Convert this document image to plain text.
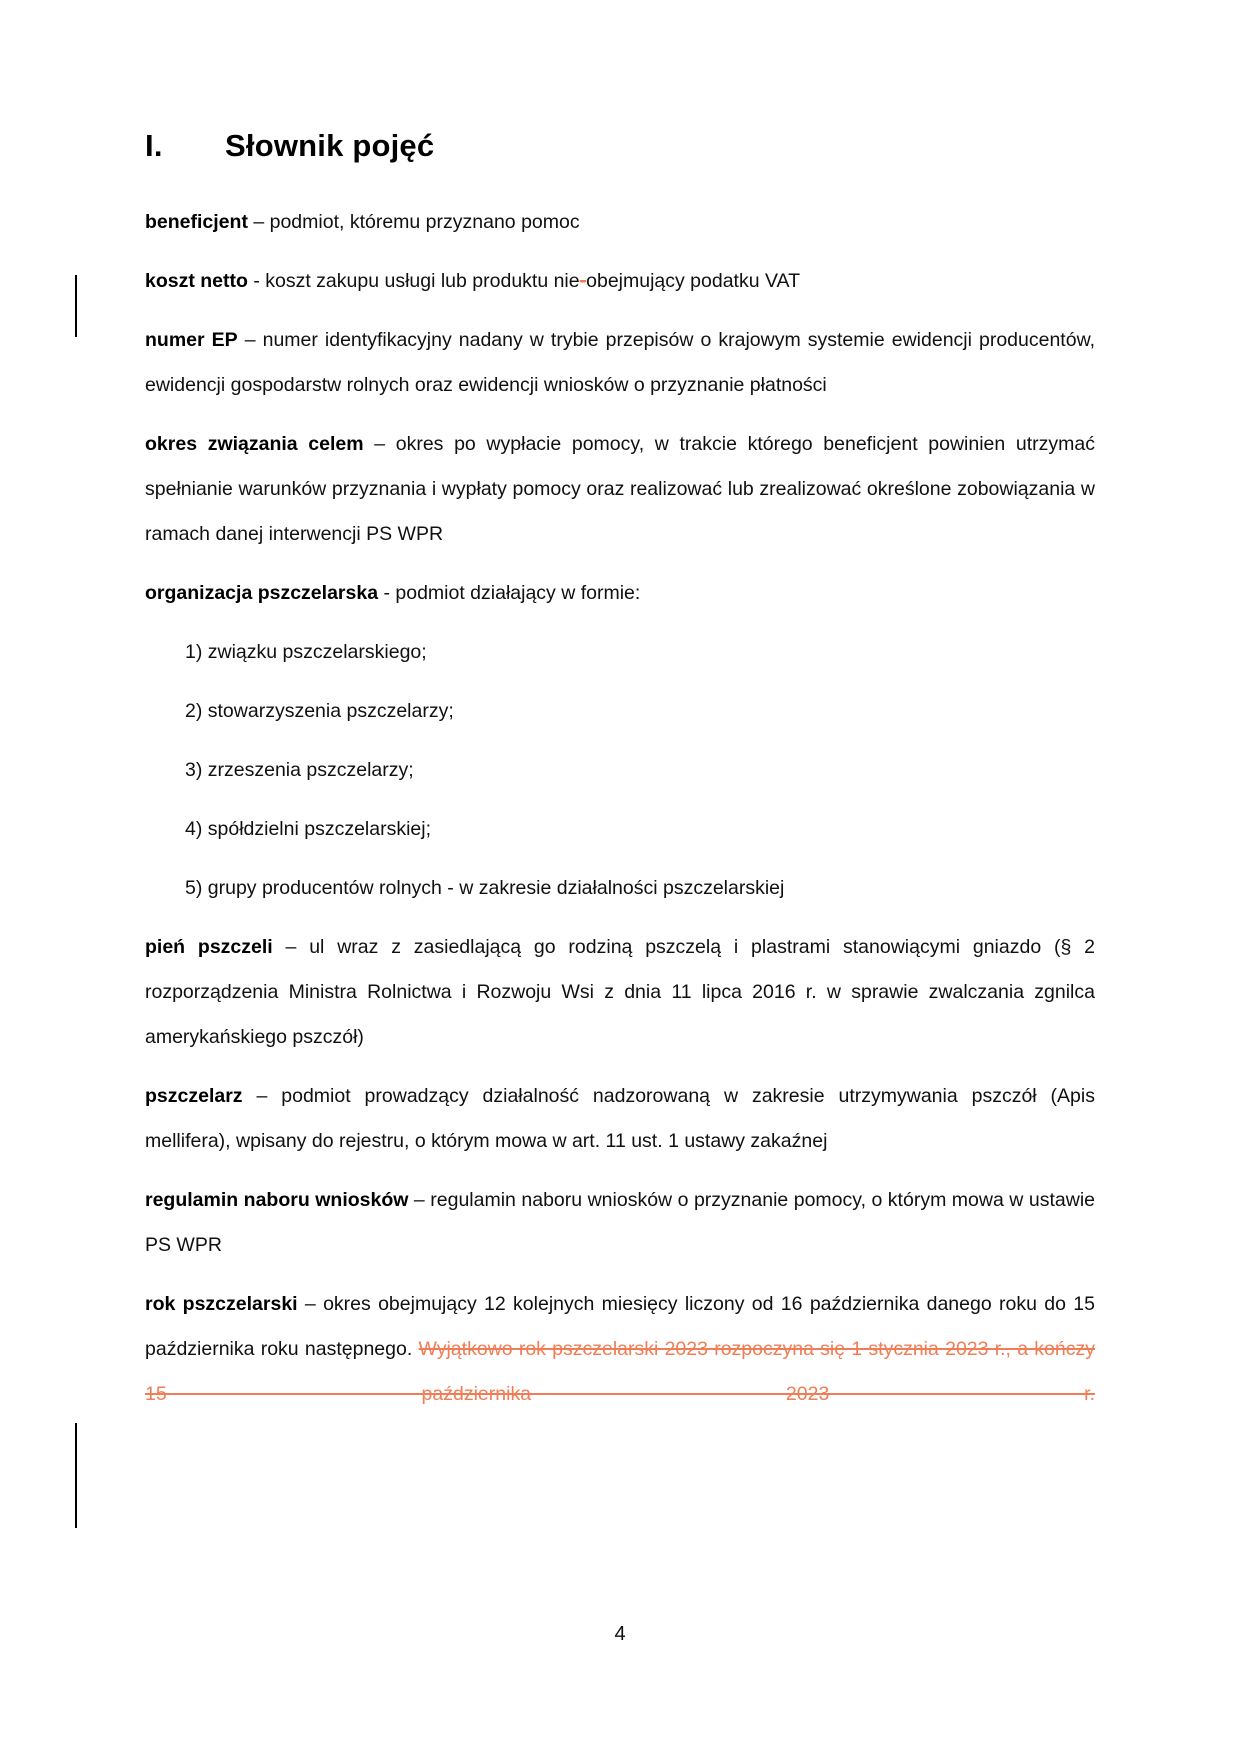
I. Słownik pojęć

beneficjent – podmiot, któremu przyznano pomoc

koszt netto - koszt zakupu usługi lub produktu nie-obejmujący podatku VAT

numer EP – numer identyfikacyjny nadany w trybie przepisów o krajowym systemie ewidencji producentów, ewidencji gospodarstw rolnych oraz ewidencji wniosków o przyznanie płatności

okres związania celem – okres po wypłacie pomocy, w trakcie którego beneficjent powinien utrzymać spełnianie warunków przyznania i wypłaty pomocy oraz realizować lub zrealizować określone zobowiązania w ramach danej interwencji PS WPR

organizacja pszczelarska - podmiot działający w formie:

1) związku pszczelarskiego;

2) stowarzyszenia pszczelarzy;

3) zrzeszenia pszczelarzy;

4) spółdzielni pszczelarskiej;

5) grupy producentów rolnych - w zakresie działalności pszczelarskiej

pień pszczeli – ul wraz z zasiedlającą go rodziną pszczelą i plastrami stanowiącymi gniazdo (§ 2 rozporządzenia Ministra Rolnictwa i Rozwoju Wsi z dnia 11 lipca 2016 r. w sprawie zwalczania zgnilca amerykańskiego pszczół)

pszczelarz – podmiot prowadzący działalność nadzorowaną w zakresie utrzymywania pszczół (Apis mellifera), wpisany do rejestru, o którym mowa w art. 11 ust. 1 ustawy zakaźnej

regulamin naboru wniosków – regulamin naboru wniosków o przyznanie pomocy, o którym mowa w ustawie PS WPR

rok pszczelarski – okres obejmujący 12 kolejnych miesięcy liczony od 16 października danego roku do 15 października roku następnego. Wyjątkowo rok pszczelarski 2023 rozpoczyna się 1 stycznia 2023 r., a kończy 15 października 2023 r.

4
